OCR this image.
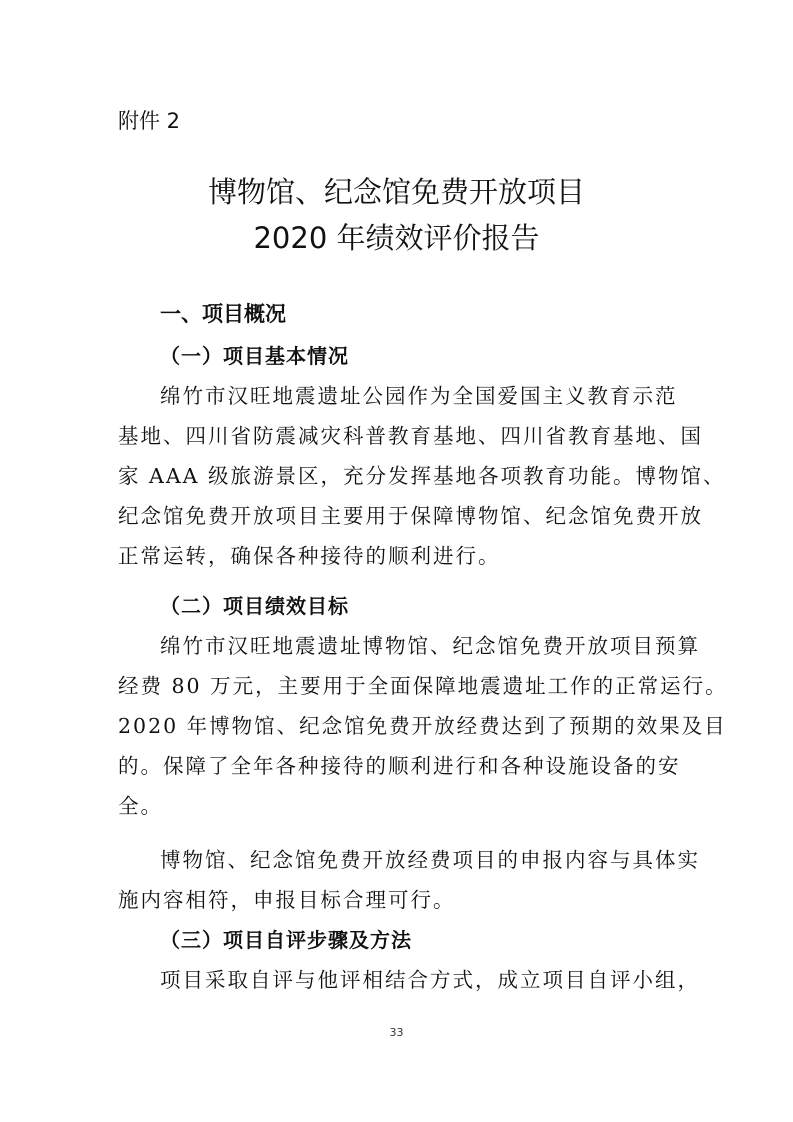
附件 2
博物馆、纪念馆免费开放项目
2020 年绩效评价报告
一、项目概况
（一）项目基本情况
绵竹市汉旺地震遗址公园作为全国爱国主义教育示范
基地、四川省防震减灾科普教育基地、四川省教育基地、国
家 AAA 级旅游景区，充分发挥基地各项教育功能。博物馆、
纪念馆免费开放项目主要用于保障博物馆、纪念馆免费开放
正常运转，确保各种接待的顺利进行。
（二）项目绩效目标
绵竹市汉旺地震遗址博物馆、纪念馆免费开放项目预算
经费 80 万元，主要用于全面保障地震遗址工作的正常运行。
2020 年博物馆、纪念馆免费开放经费达到了预期的效果及目
的。保障了全年各种接待的顺利进行和各种设施设备的安
全。
博物馆、纪念馆免费开放经费项目的申报内容与具体实
施内容相符，申报目标合理可行。
（三）项目自评步骤及方法
项目采取自评与他评相结合方式，成立项目自评小组，
33
